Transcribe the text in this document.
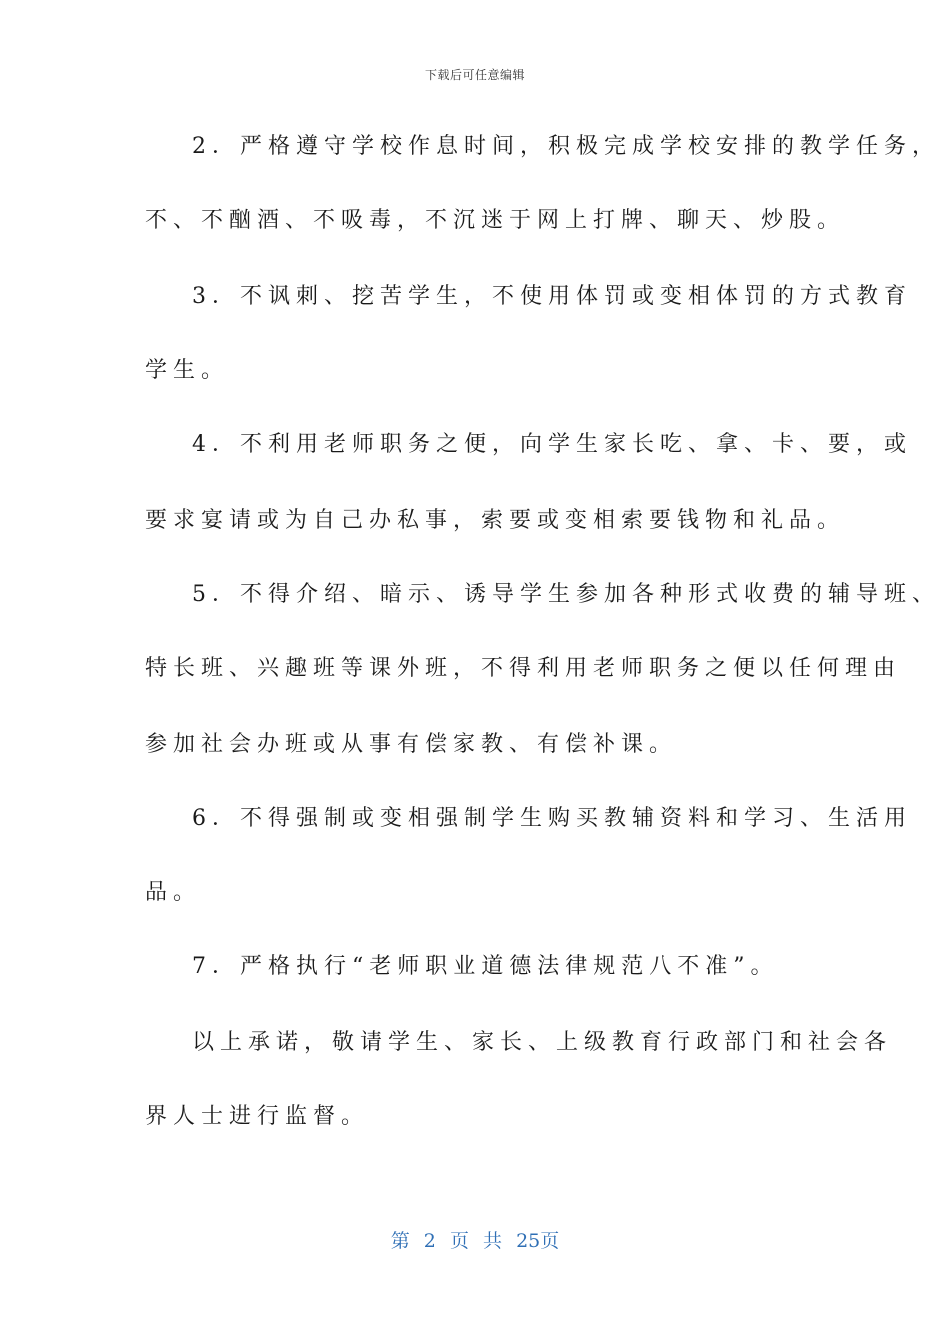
下载后可任意编辑
2．严格遵守学校作息时间，积极完成学校安排的教学任务，
不、不酗酒、不吸毒，不沉迷于网上打牌、聊天、炒股。
3．不讽刺、挖苦学生，不使用体罚或变相体罚的方式教育
学生。
4．不利用老师职务之便，向学生家长吃、拿、卡、要，或
要求宴请或为自己办私事，索要或变相索要钱物和礼品。
5．不得介绍、暗示、诱导学生参加各种形式收费的辅导班、
特长班、兴趣班等课外班，不得利用老师职务之便以任何理由
参加社会办班或从事有偿家教、有偿补课。
6．不得强制或变相强制学生购买教辅资料和学习、生活用
品。
7．严格执行“老师职业道德法律规范八不准”。
以上承诺，敬请学生、家长、上级教育行政部门和社会各
界人士进行监督。
第 2 页 共 25页
